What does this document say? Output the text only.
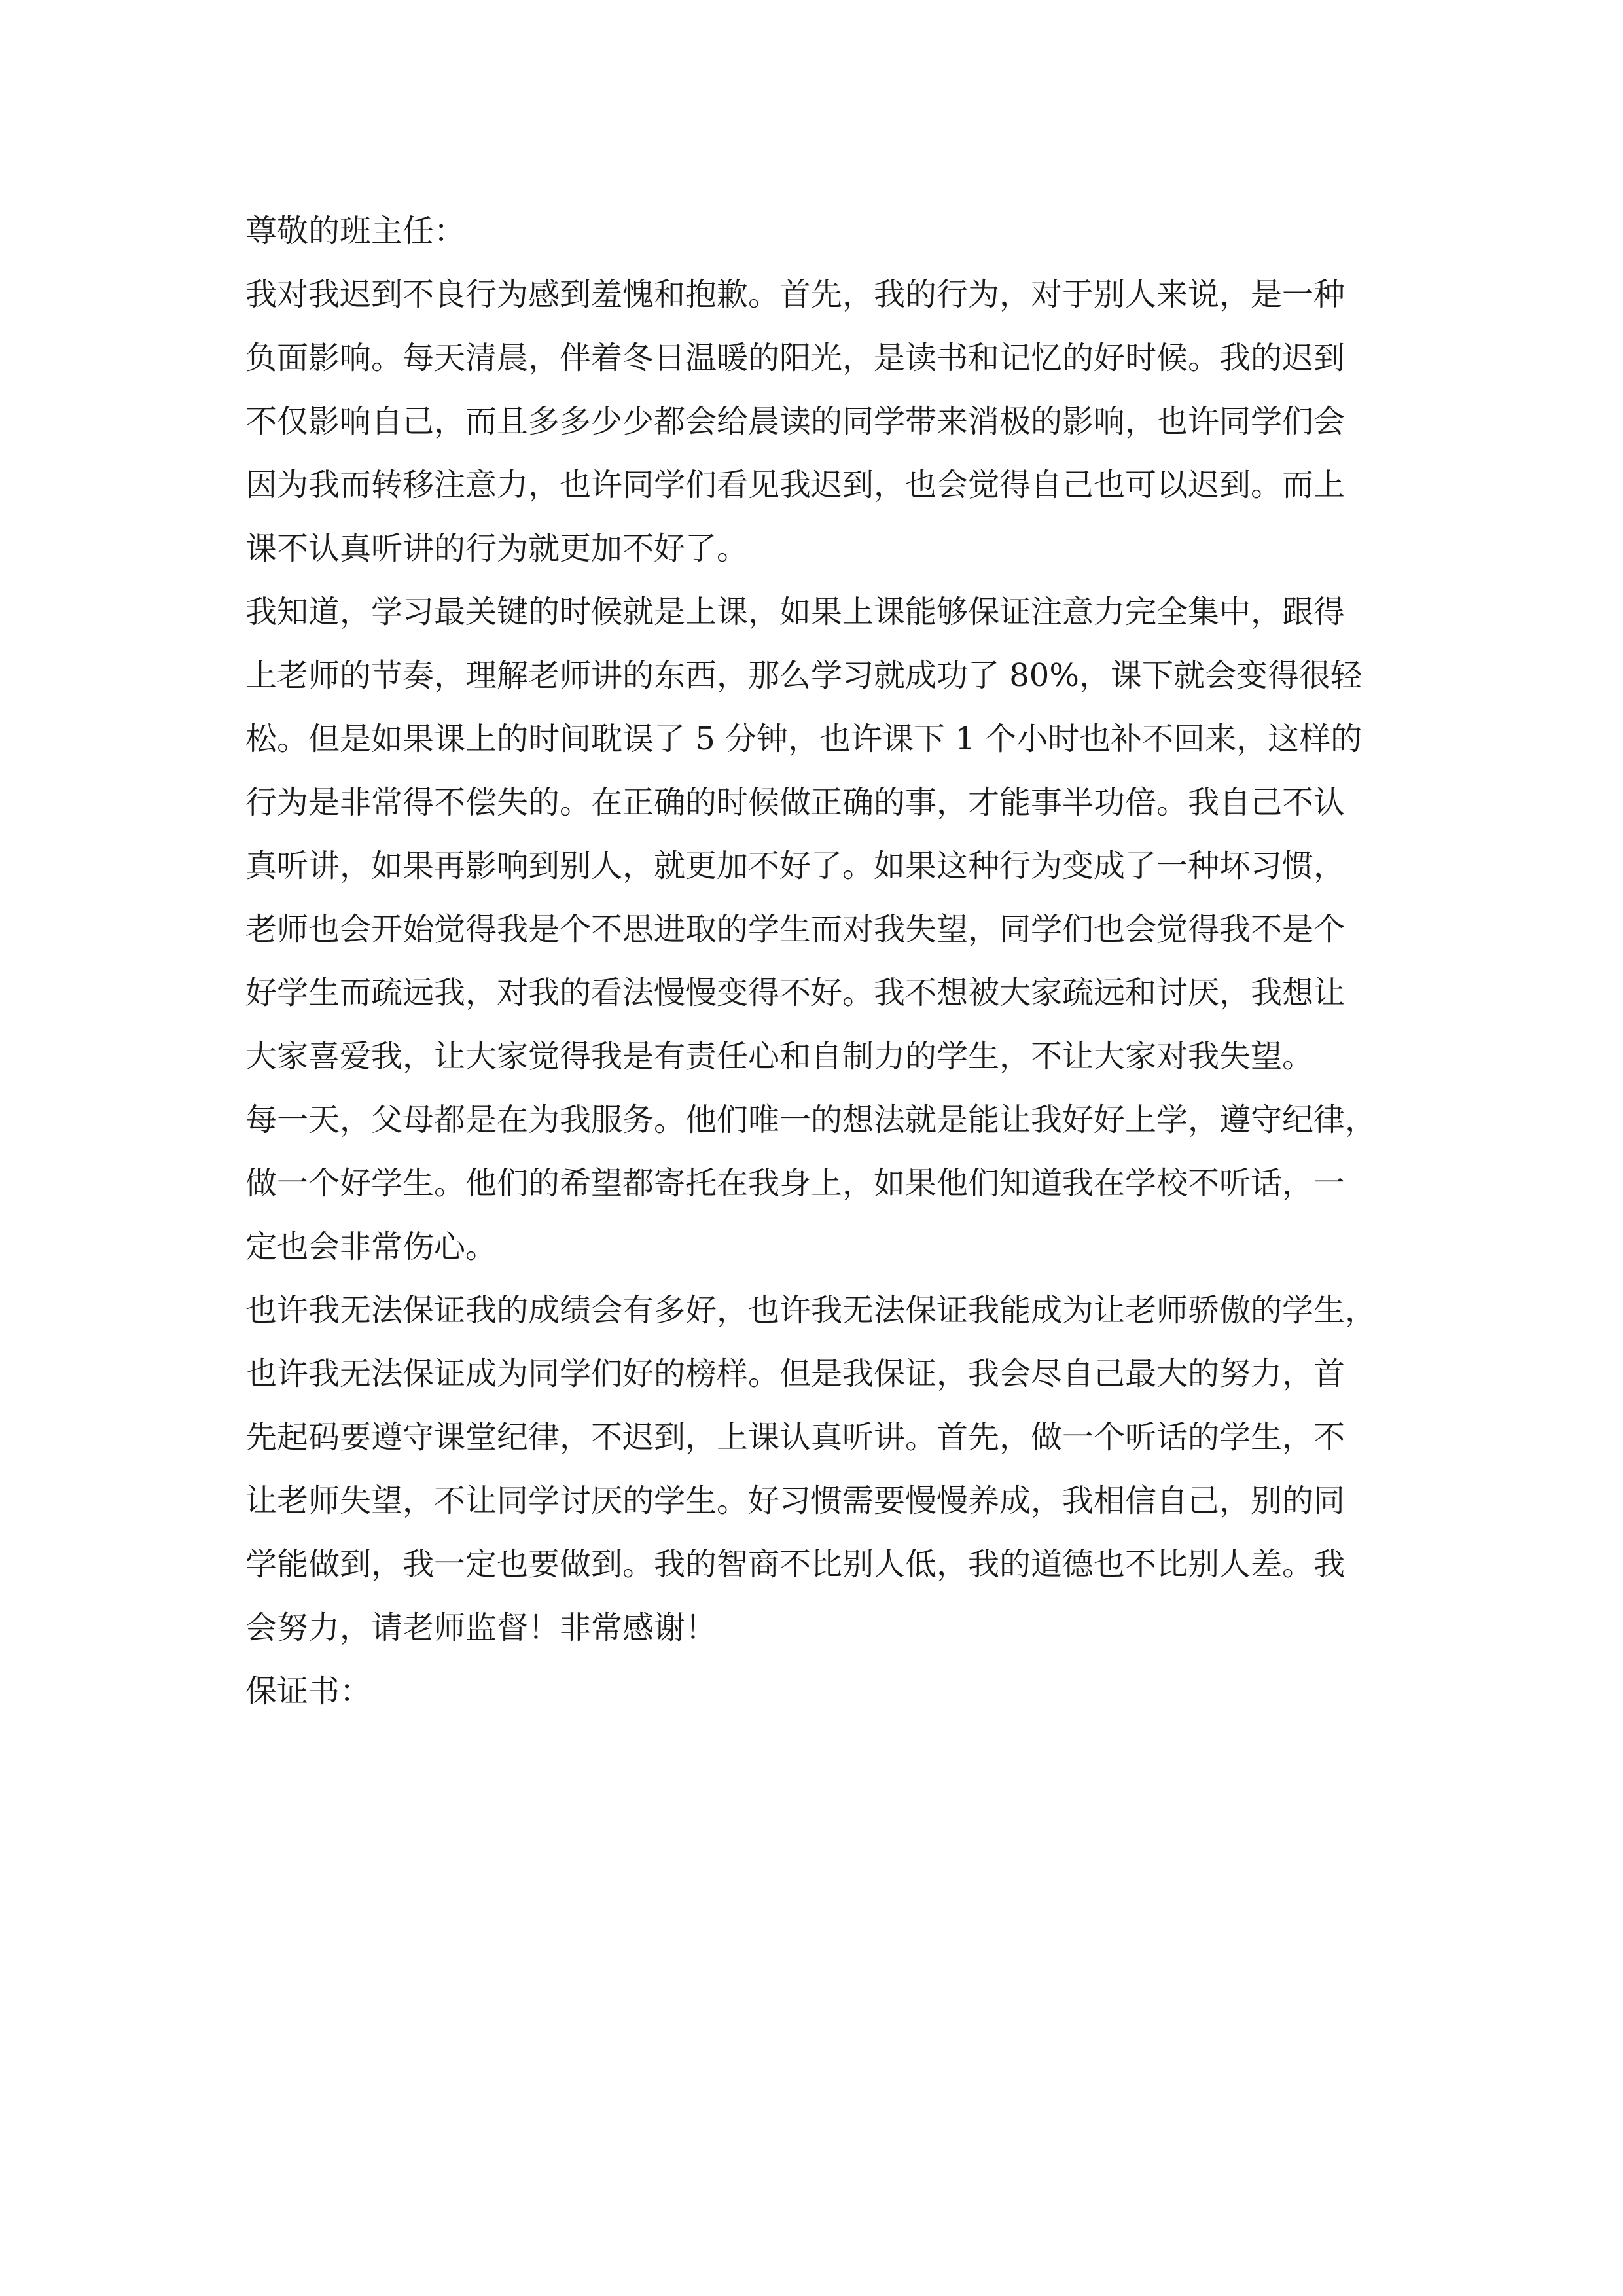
尊敬的班主任：
我对我迟到不良行为感到羞愧和抱歉。首先，我的行为，对于别人来说，是一种
负面影响。每天清晨，伴着冬日温暖的阳光，是读书和记忆的好时候。我的迟到
不仅影响自己，而且多多少少都会给晨读的同学带来消极的影响，也许同学们会
因为我而转移注意力，也许同学们看见我迟到，也会觉得自己也可以迟到。而上
课不认真听讲的行为就更加不好了。
我知道，学习最关键的时候就是上课，如果上课能够保证注意力完全集中，跟得
上老师的节奏，理解老师讲的东西，那么学习就成功了 80%，课下就会变得很轻
松。但是如果课上的时间耽误了 5 分钟，也许课下 1 个小时也补不回来，这样的
行为是非常得不偿失的。在正确的时候做正确的事，才能事半功倍。我自己不认
真听讲，如果再影响到别人，就更加不好了。如果这种行为变成了一种坏习惯，
老师也会开始觉得我是个不思进取的学生而对我失望，同学们也会觉得我不是个
好学生而疏远我，对我的看法慢慢变得不好。我不想被大家疏远和讨厌，我想让
大家喜爱我，让大家觉得我是有责任心和自制力的学生，不让大家对我失望。
每一天，父母都是在为我服务。他们唯一的想法就是能让我好好上学，遵守纪律，
做一个好学生。他们的希望都寄托在我身上，如果他们知道我在学校不听话，一
定也会非常伤心。
也许我无法保证我的成绩会有多好，也许我无法保证我能成为让老师骄傲的学生，
也许我无法保证成为同学们好的榜样。但是我保证，我会尽自己最大的努力，首
先起码要遵守课堂纪律，不迟到，上课认真听讲。首先，做一个听话的学生，不
让老师失望，不让同学讨厌的学生。好习惯需要慢慢养成，我相信自己，别的同
学能做到，我一定也要做到。我的智商不比别人低，我的道德也不比别人差。我
会努力，请老师监督！非常感谢！
保证书：
